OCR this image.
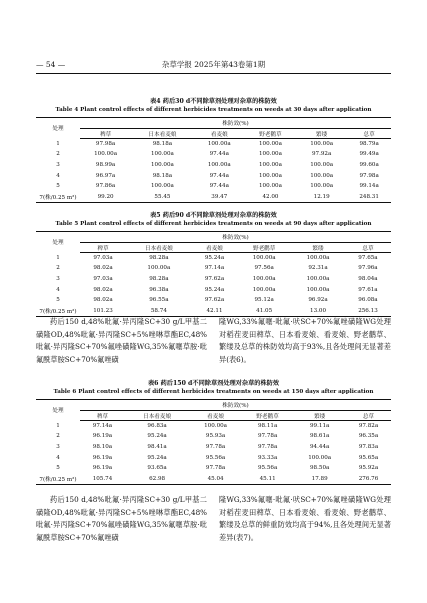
— 54 —	杂草学报 2025年第43卷第1期
表4 药后30 d不同除草剂处理对杂草的株防效
Table 4 Plant control effects of different herbicides treatments on weeds at 30 days after application
处理	株防效(%)					
	稗草	日本看麦娘	看麦娘	野老鹳草	繁缕	总草
1	97.98a	98.18a	100.00a	100.00a	100.00a	98.79a
2	100.00a	100.00a	97.44a	100.00a	97.92a	99.49a
3	98.99a	100.00a	100.00a	100.00a	100.00a	99.60a
4	96.97a	98.18a	97.44a	100.00a	100.00a	97.98a
5	97.86a	100.00a	97.44a	100.00a	100.00a	99.14a
7(株/0.25 m²)	99.20	55.45	39.47	42.00	12.19	248.31
表5 药后90 d不同除草剂处理对杂草的株防效
Table 5 Plant control effects of different herbicides treatments on weeds at 90 days after application
处理	株防效(%)					
	稗草	日本看麦娘	看麦娘	野老鹳草	繁缕	总草
1	97.03a	98.28a	95.24a	100.00a	100.00a	97.65a
2	98.02a	100.00a	97.14a	97.56a	92.31a	97.96a
3	97.03a	98.28a	97.62a	100.00a	100.00a	98.04a
4	98.02a	96.38a	95.24a	100.00a	100.00a	97.61a
5	98.02a	96.55a	97.62a	95.12a	96.92a	96.08a
7(株/0.25 m²)	101.23	58.74	42.11	41.05	13.00	256.13

药后150 d,48%吡氟·异丙隆SC+30 g/L甲基二磺隆OD,48%吡氟·异丙隆SC+5%唑啉草酯EC,48%吡氟·异丙隆SC+70%氟唑磺隆WG,35%氟噻草胺·吡氟酰草胺SC+70%氟唑磺

隆WG,33%氟噻·吡氟·吠SC+70%氟唑磺隆WG处理对稻茬麦田稗草、日本看麦娘、看麦娘、野老鹳草、繁缕及总草的株防效均高于93%,且各处理间无显著差异(表6)。

表6 药后150 d不同除草剂处理对杂草的株防效
Table 6 Plant control effects of different herbicides treatments on weeds at 150 days after application
处理	株防效(%)					
	稗草	日本看麦娘	看麦娘	野老鹳草	繁缕	总草
1	97.14a	96.83a	100.00a	98.11a	99.11a	97.82a
2	96.19a	95.24a	95.93a	97.78a	98.61a	96.35a
3	98.10a	98.41a	97.78a	97.78a	94.44a	97.83a
4	96.19a	95.24a	95.56a	93.33a	100.00a	95.65a
5	96.19a	93.65a	97.78a	95.56a	98.50a	95.92a
7(株/0.25 m²)	105.74	62.98	45.04	45.11	17.89	276.76

药后150 d,48%吡氟·异丙隆SC+30 g/L甲基二磺隆OD,48%吡氟·异丙隆SC+5%唑啉草酯EC,48%吡氟·异丙隆SC+70%氟唑磺隆WG,35%氟噻草胺·吡氟酰草胺SC+70%氟唑磺

隆WG,33%氟噻·吡氟·吠SC+70%氟唑磺隆WG处理对稻茬麦田稗草、日本看麦娘、看麦娘、野老鹳草、繁缕及总草的鲜重防效均高于94%,且各处理间无显著差异(表7)。
